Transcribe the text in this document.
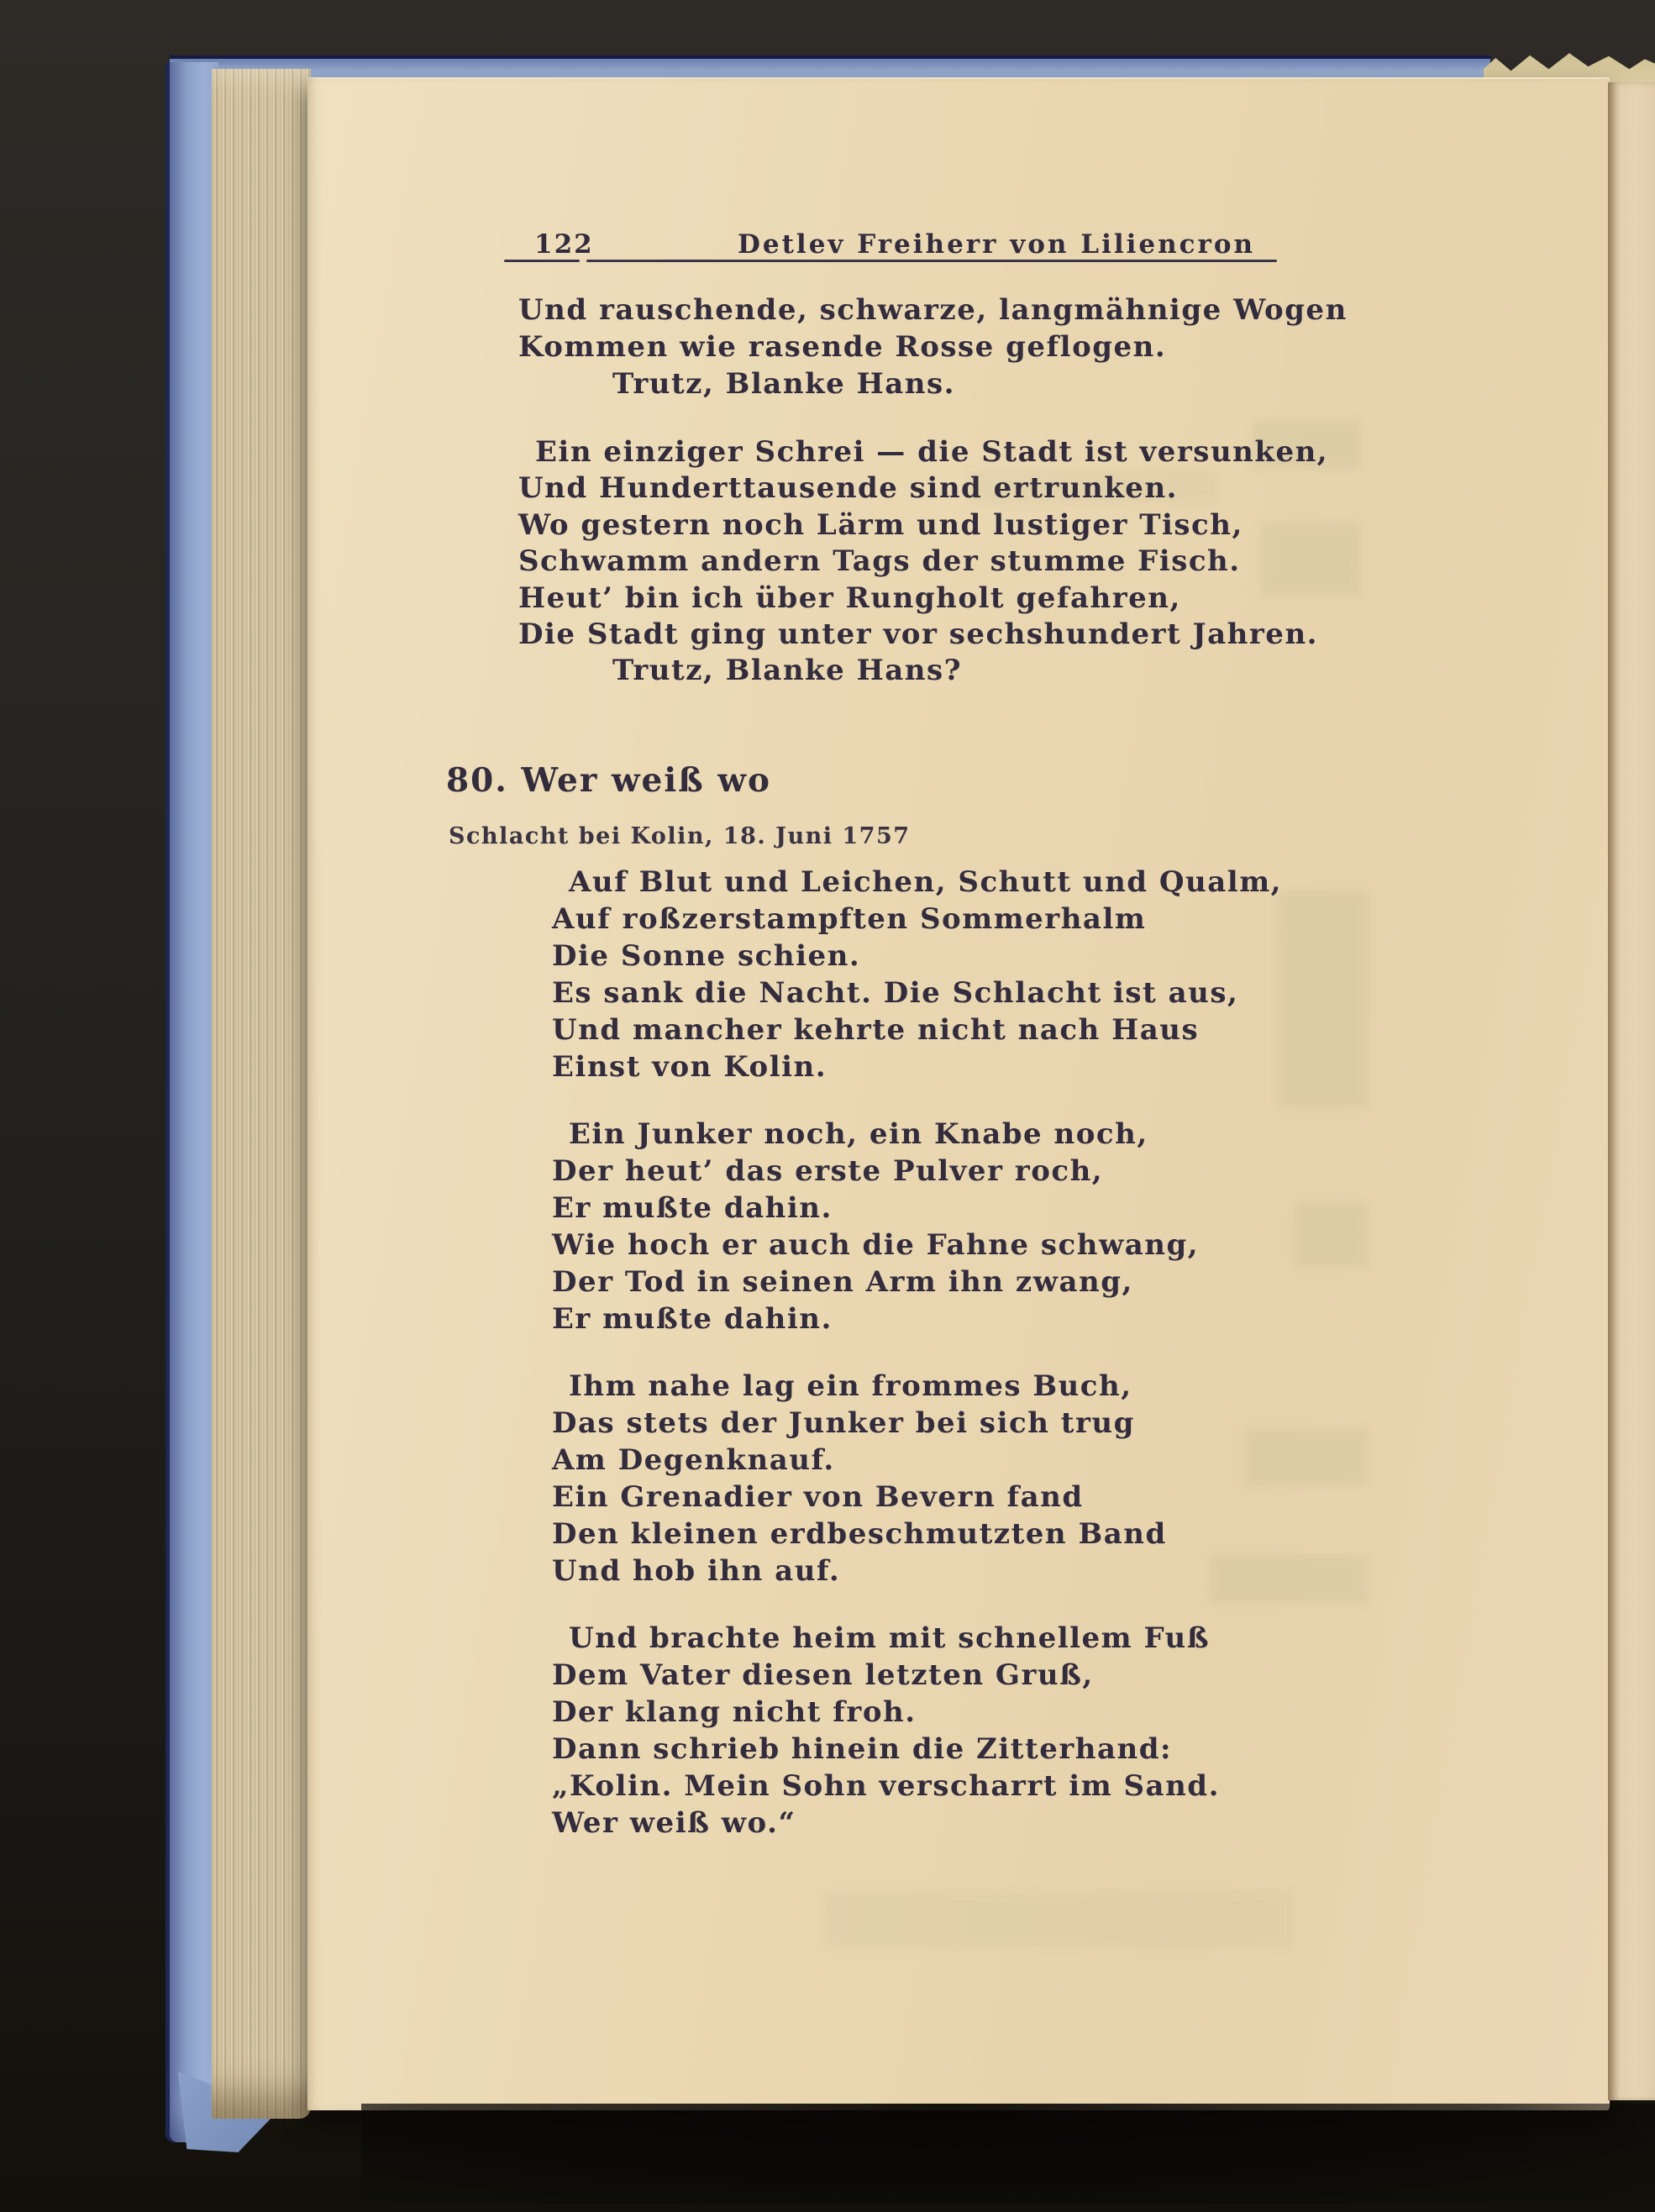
122	Detlev Freiherr von Liliencron
Und rauschende, schwarze, langmähnige Wogen
Kommen wie rasende Rosse geflogen.
Trutz, Blanke Hans.
Ein einziger Schrei — die Stadt ist versunken,
Und Hunderttausende sind ertrunken.
Wo gestern noch Lärm und lustiger Tisch,
Schwamm andern Tags der stumme Fisch.
Heut’ bin ich über Rungholt gefahren,
Die Stadt ging unter vor sechshundert Jahren.
Trutz, Blanke Hans?
80. Wer weiß wo
Schlacht bei Kolin, 18. Juni 1757
Auf Blut und Leichen, Schutt und Qualm,
Auf roßzerstampften Sommerhalm
Die Sonne schien.
Es sank die Nacht. Die Schlacht ist aus,
Und mancher kehrte nicht nach Haus
Einst von Kolin.
Ein Junker noch, ein Knabe noch,
Der heut’ das erste Pulver roch,
Er mußte dahin.
Wie hoch er auch die Fahne schwang,
Der Tod in seinen Arm ihn zwang,
Er mußte dahin.
Ihm nahe lag ein frommes Buch,
Das stets der Junker bei sich trug
Am Degenknauf.
Ein Grenadier von Bevern fand
Den kleinen erdbeschmutzten Band
Und hob ihn auf.
Und brachte heim mit schnellem Fuß
Dem Vater diesen letzten Gruß,
Der klang nicht froh.
Dann schrieb hinein die Zitterhand:
„Kolin. Mein Sohn verscharrt im Sand.
Wer weiß wo.“
